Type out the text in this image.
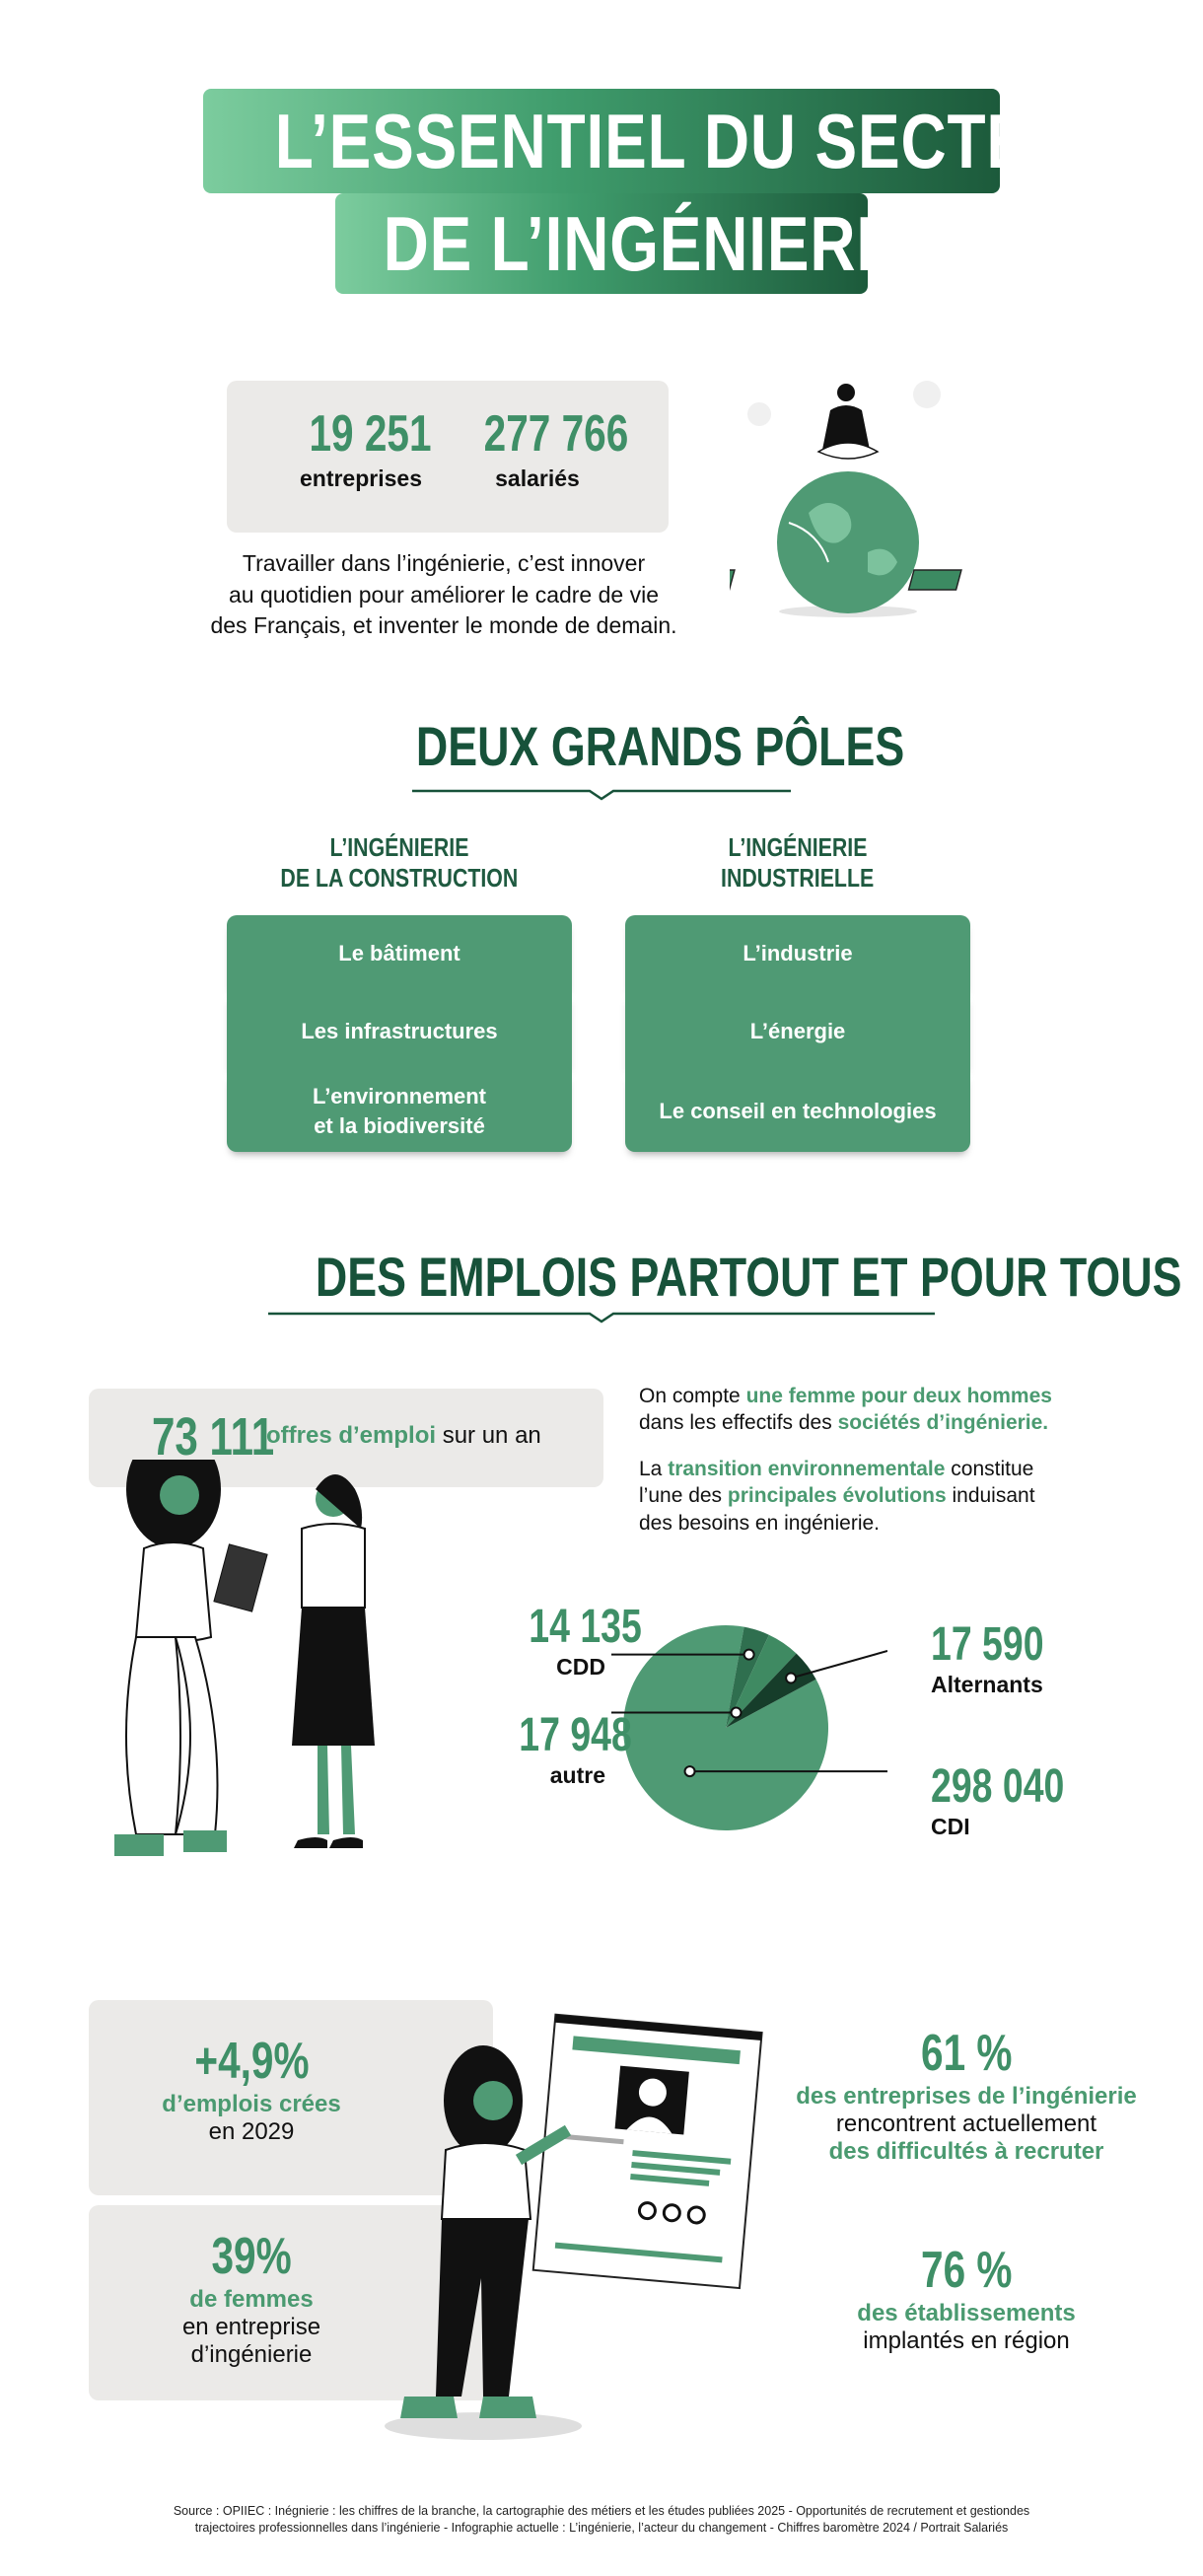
L’ESSENTIEL DU SECTEUR
DE L’INGÉNIERIE
19 251
entreprises
277 766
salariés
Travailler dans l’ingénierie, c’est innover
au quotidien pour améliorer le cadre de vie
des Français, et inventer le monde de demain.
DEUX GRANDS PÔLES
L’INGÉNIERIE
DE LA CONSTRUCTION
L’INGÉNIERIE
INDUSTRIELLE
Le bâtiment
Les infrastructures
L’environnement
et la biodiversité
L’industrie
L’énergie
Le conseil en technologies
DES EMPLOIS PARTOUT ET POUR TOUS
73 111
offres d’emploi sur un an
On compte une femme pour deux hommes
dans les effectifs des sociétés d’ingénierie.
La transition environnementale constitue
l’une des principales évolutions induisant
des besoins en ingénierie.
14 135
CDD
17 948
autre
17 590
Alternants
298 040
CDI
+4,9%
d’emplois crées
en 2029
39%
de femmes
en entreprise
d’ingénierie
61 %
des entreprises de l’ingénierie
rencontrent actuellement
des difficultés à recruter
76 %
des établissements
implantés en région
Source : OPIIEC : Inégnierie : les chiffres de la branche, la cartographie des métiers et les études publiées 2025 - Opportunités de recrutement et gestiondes
trajectoires professionnelles dans l’ingénierie - Infographie actuelle : L’ingénierie, l’acteur du changement - Chiffres baromètre 2024 / Portrait Salariés
